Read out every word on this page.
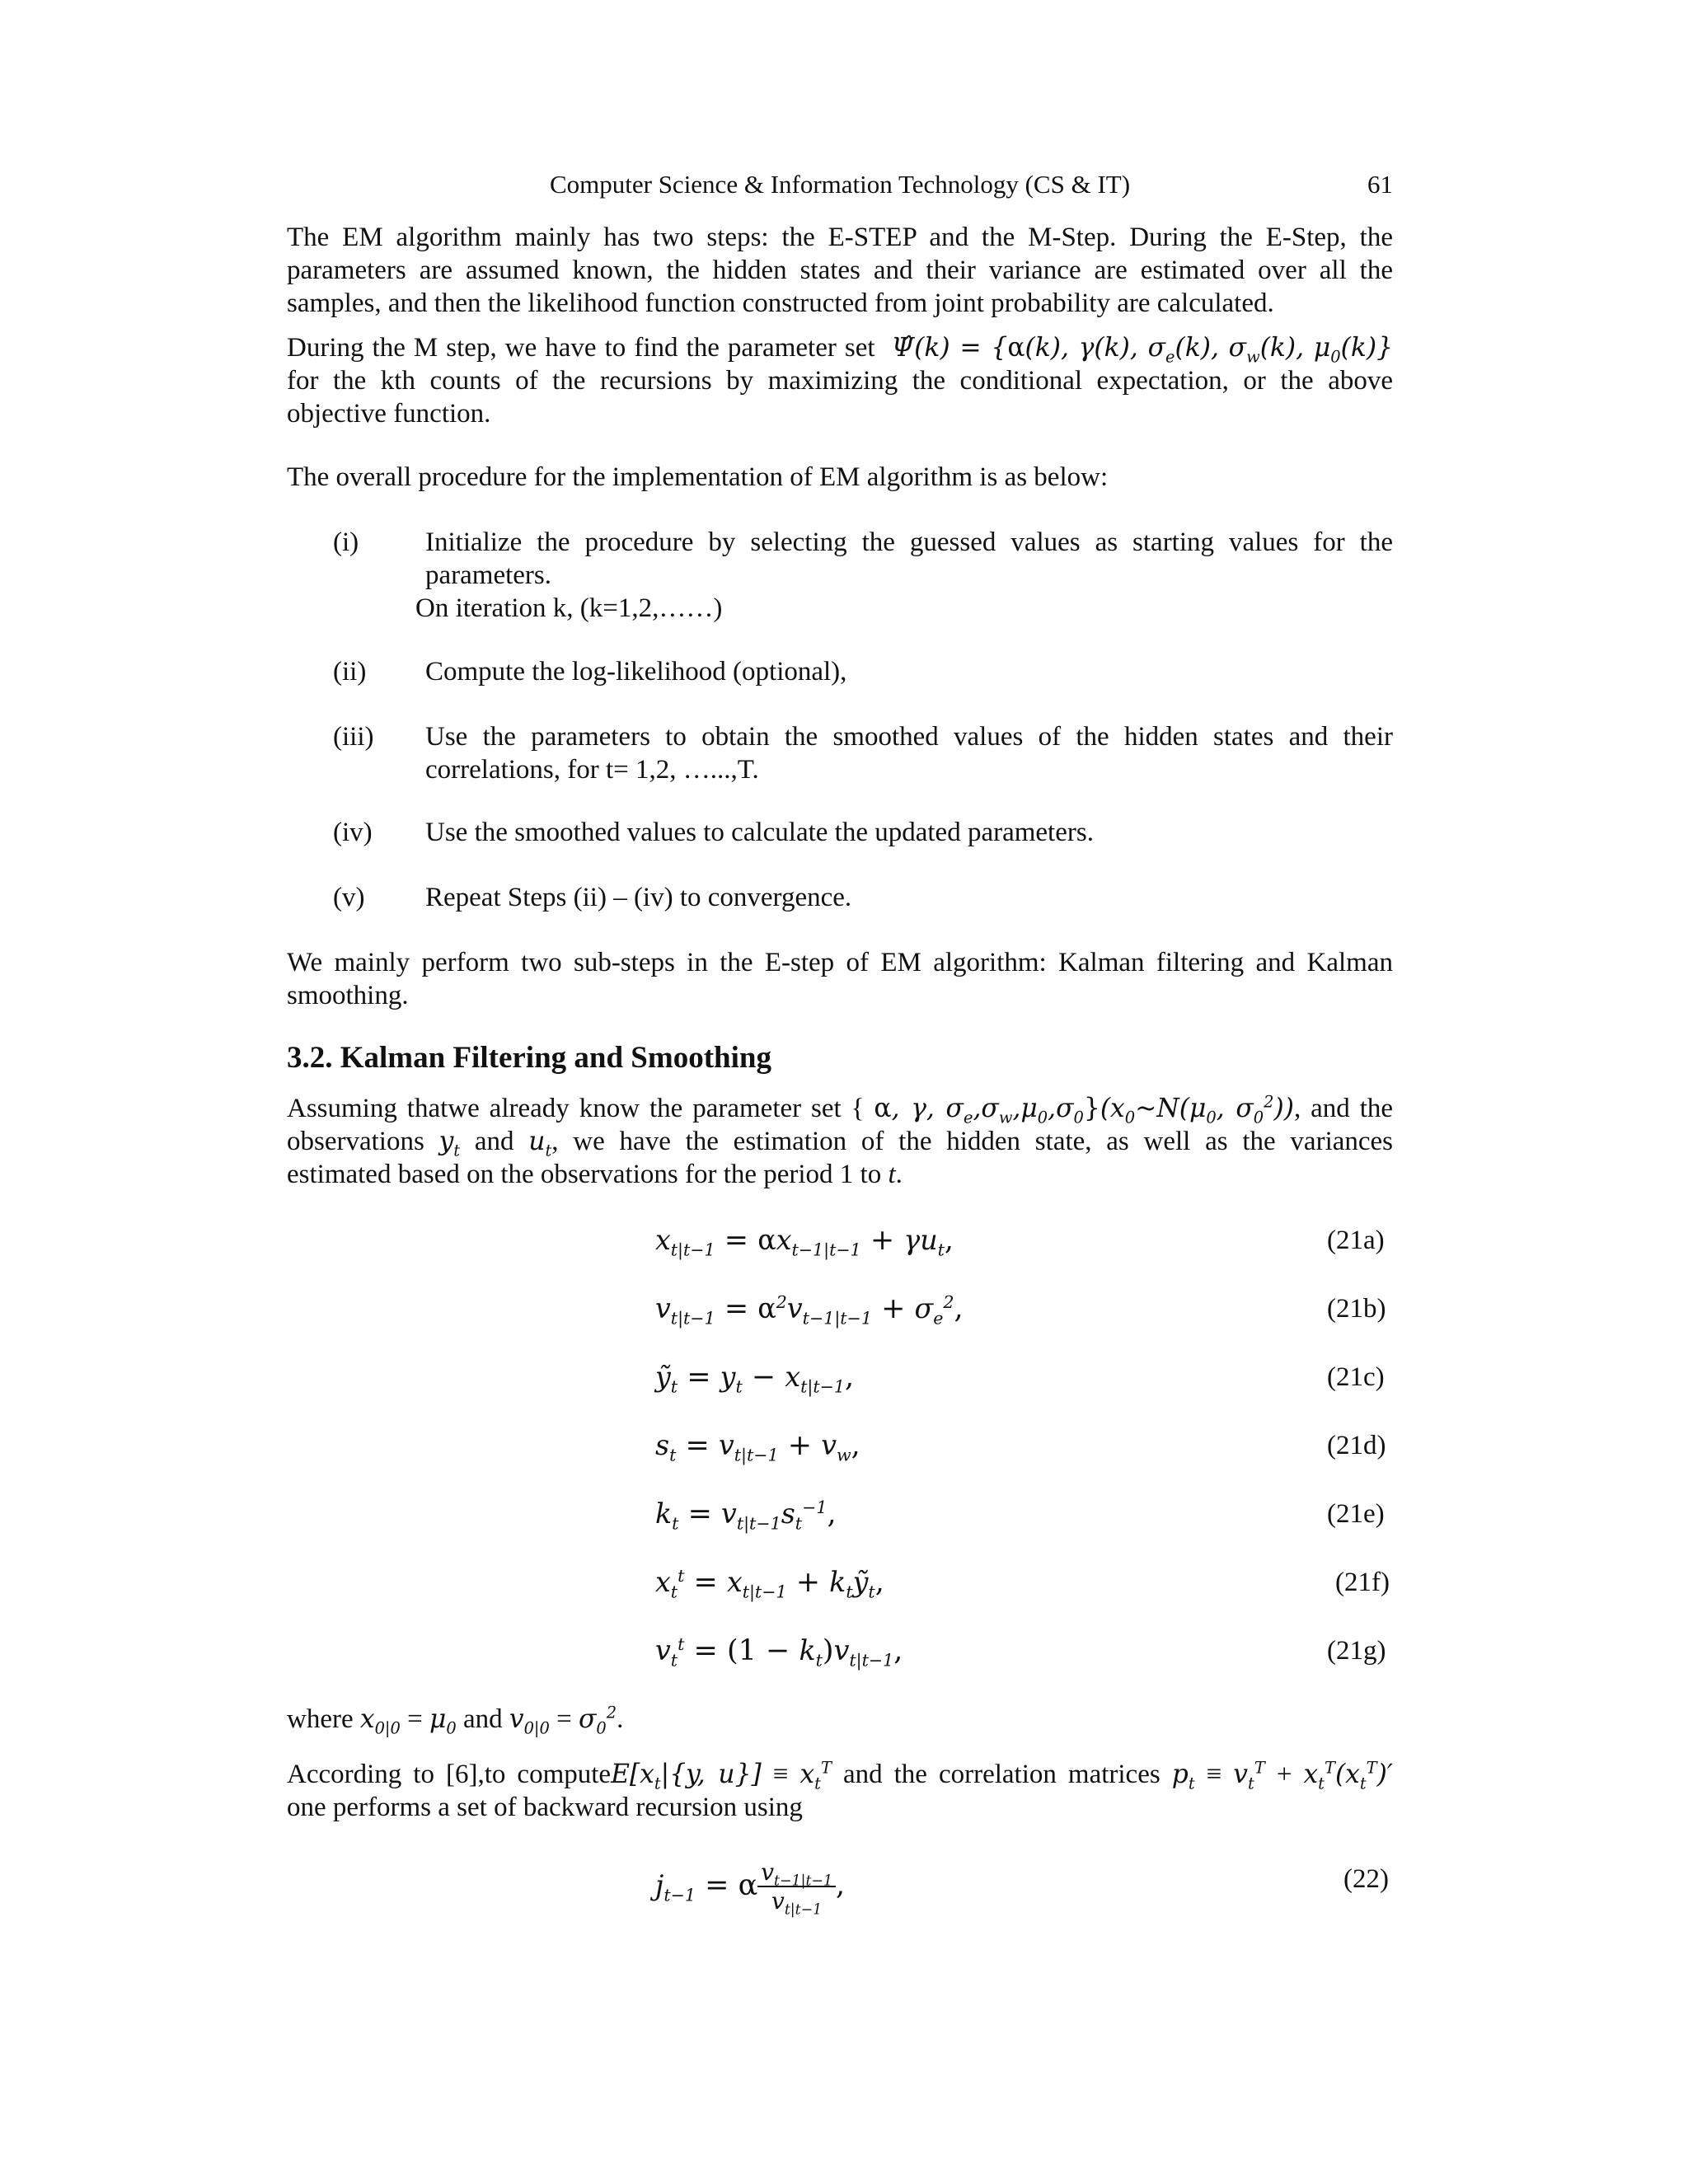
Computer Science & Information Technology (CS & IT)	61
The EM algorithm mainly has two steps: the E-STEP and the M-Step. During the E-Step, the
parameters are assumed known, the hidden states and their variance are estimated over all the
samples, and then the likelihood function constructed from joint probability are calculated.
During the M step, we have to find the parameter set Ψ̂(k) = {α(k), γ(k), $\sigma_e(k)$, $\sigma_w(k)$, $\mu_0(k)$}
for the kth counts of the recursions by maximizing the conditional expectation, or the above
objective function.
The overall procedure for the implementation of EM algorithm is as below:
(i) Initialize the procedure by selecting the guessed values as starting values for the
parameters.
On iteration k, (k=1,2,……)
(ii) Compute the log-likelihood (optional),
(iii) Use the parameters to obtain the smoothed values of the hidden states and their
correlations, for t= 1,2, …...,T.
(iv) Use the smoothed values to calculate the updated parameters.
(v) Repeat Steps (ii) – (iv) to convergence.
We mainly perform two sub-steps in the E-step of EM algorithm: Kalman filtering and Kalman
smoothing.
3.2. Kalman Filtering and Smoothing
Assuming thatwe already know the parameter set { α, γ, $\sigma_e,\sigma_w,\mu_0,\sigma_0\}(x_0\sim N(\mu_0$, $\sigma_0^2$)), and the
observations $y_t$ and $u_t$, we have the estimation of the hidden state, as well as the variances
estimated based on the observations for the period 1 to t.
$x_{t|t-1} = \alpha x_{t-1|t-1} + \gamma u_t$,	(21a)
$v_{t|t-1} = \alpha^2v_{t-1|t-1} + \sigma_e^2$,	(21b)
ỹ$_t$ = $y_t - x_{t|t-1}$,	(21c)
$s_t = v_{t|t-1} + v_w$,	(21d)
$k_t = v_{t|t-1}s_t^{-1}$,	(21e)
$x_t^t = x_{t|t-1}$ + $k_tỹ_t$,	(21f)
$v_t^t = (1 - k_t)v_{t|t-1}$,	(21g)
where $x_{0|0} = \mu_0$ and $v_{0|0} = \sigma_0^2$.
According to [6],to $computeE[x_t|\{y$, $u\}] \equiv x_t^T$ and the correlation matrices $p_t \equiv v_t^T + x_t^T(x_t^T)'$
one performs a set of backward recursion using
$j_{t-1} = \alpha \frac{v_{t-1|t-1}}{v_{t|t-1}}$ ,	(22)
